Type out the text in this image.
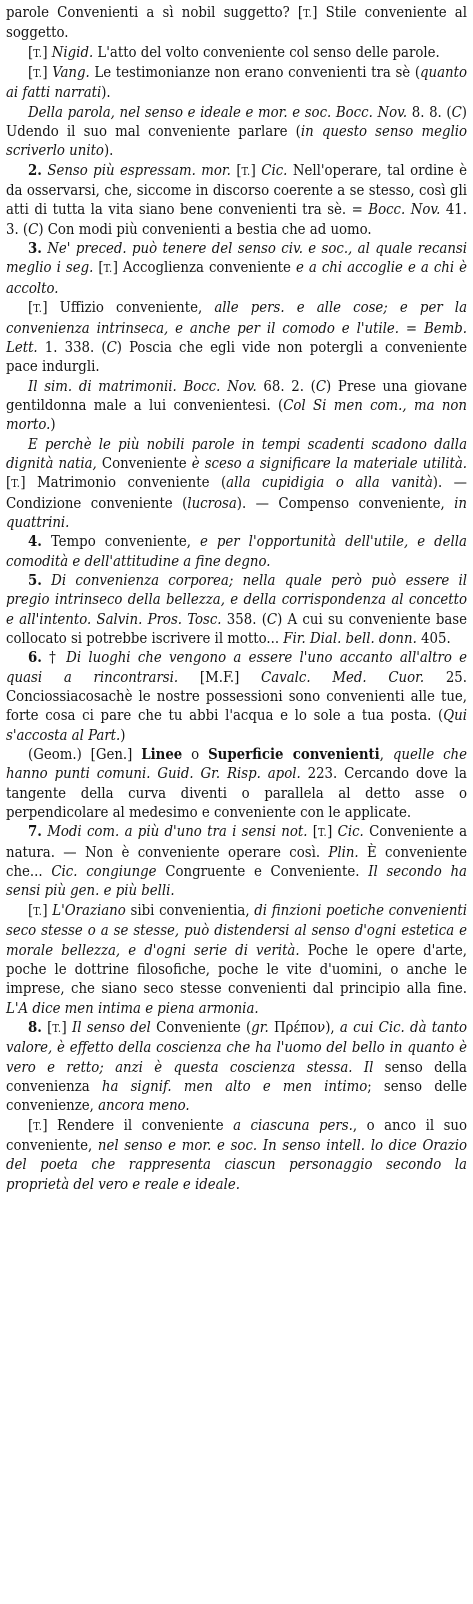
parole Convenienti a sì nobil suggetto? [T.] Stile conveniente al soggetto.

[T.] Nigid. L'atto del volto conveniente col senso delle parole.

[T.] Vang. Le testimonianze non erano convenienti tra sè (quanto ai fatti narrati).

Della parola, nel senso e ideale e mor. e soc. Bocc. Nov. 8. 8. (C) Udendo il suo mal conveniente parlare (in questo senso meglio scriverlo unito).

2. Senso più espressam. mor. [T.] Cic. Nell'operare, tal ordine è da osservarsi, che, siccome in discorso coerente a se stesso, così gli atti di tutta la vita siano bene convenienti tra sè. = Bocc. Nov. 41. 3. (C) Con modi più convenienti a bestia che ad uomo.

3. Ne' preced. può tenere del senso civ. e soc., al quale recansi meglio i seg. [T.] Accoglienza conveniente e a chi accoglie e a chi è accolto.

[T.] Uffizio conveniente, alle pers. e alle cose; e per la convenienza intrinseca, e anche per il comodo e l'utile. = Bemb. Lett. 1. 338. (C) Poscia che egli vide non potergli a conveniente pace indurgli.

Il sim. di matrimonii. Bocc. Nov. 68. 2. (C) Prese una giovane gentildonna male a lui convenientesi. (Col Si men com., ma non morto.)

E perchè le più nobili parole in tempi scadenti scadono dalla dignità natia, Conveniente è sceso a significare la materiale utilità. [T.] Matrimonio conveniente (alla cupidigia o alla vanità). — Condizione conveniente (lucrosa). — Compenso conveniente, in quattrini.

4. Tempo conveniente, e per l'opportunità dell'utile, e della comodità e dell'attitudine a fine degno.

5. Di convenienza corporea; nella quale però può essere il pregio intrinseco della bellezza, e della corrispondenza al concetto e all'intento. Salvin. Pros. Tosc. 358. (C) A cui su conveniente base collocato si potrebbe iscrivere il motto... Fir. Dial. bell. donn. 405.

6. † Di luoghi che vengono a essere l'uno accanto all'altro e quasi a rincontrarsi. [M.F.] Cavalc. Med. Cuor. 25. Conciossiacosachè le nostre possessioni sono convenienti alle tue, forte cosa ci pare che tu abbi l'acqua e lo sole a tua posta. (Qui s'accosta al Part.)

(Geom.) [Gen.] Linee o Superficie convenienti, quelle che hanno punti comuni. Guid. Gr. Risp. apol. 223. Cercando dove la tangente della curva diventi o parallela al detto asse o perpendicolare al medesimo e conveniente con le applicate.

7. Modi com. a più d'uno tra i sensi not. [T.] Cic. Conveniente a natura. — Non è conveniente operare così. Plin. È conveniente che... Cic. congiunge Congruente e Conveniente. Il secondo ha sensi più gen. e più belli.

[T.] L'Oraziano sibi convenientia, di finzioni poetiche convenienti seco stesse o a se stesse, può distendersi al senso d'ogni estetica e morale bellezza, e d'ogni serie di verità. Poche le opere d'arte, poche le dottrine filosofiche, poche le vite d'uomini, o anche le imprese, che siano seco stesse convenienti dal principio alla fine. L'A dice men intima e piena armonia.

8. [T.] Il senso del Conveniente (gr. Πρέπον), a cui Cic. dà tanto valore, è effetto della coscienza che ha l'uomo del bello in quanto è vero e retto; anzi è questa coscienza stessa. Il senso della convenienza ha signif. men alto e men intimo; senso delle convenienze, ancora meno.

[T.] Rendere il conveniente a ciascuna pers., o anco il suo conveniente, nel senso e mor. e soc. In senso intell. lo dice Orazio del poeta che rappresenta ciascun personaggio secondo la proprietà del vero e reale e ideale.
